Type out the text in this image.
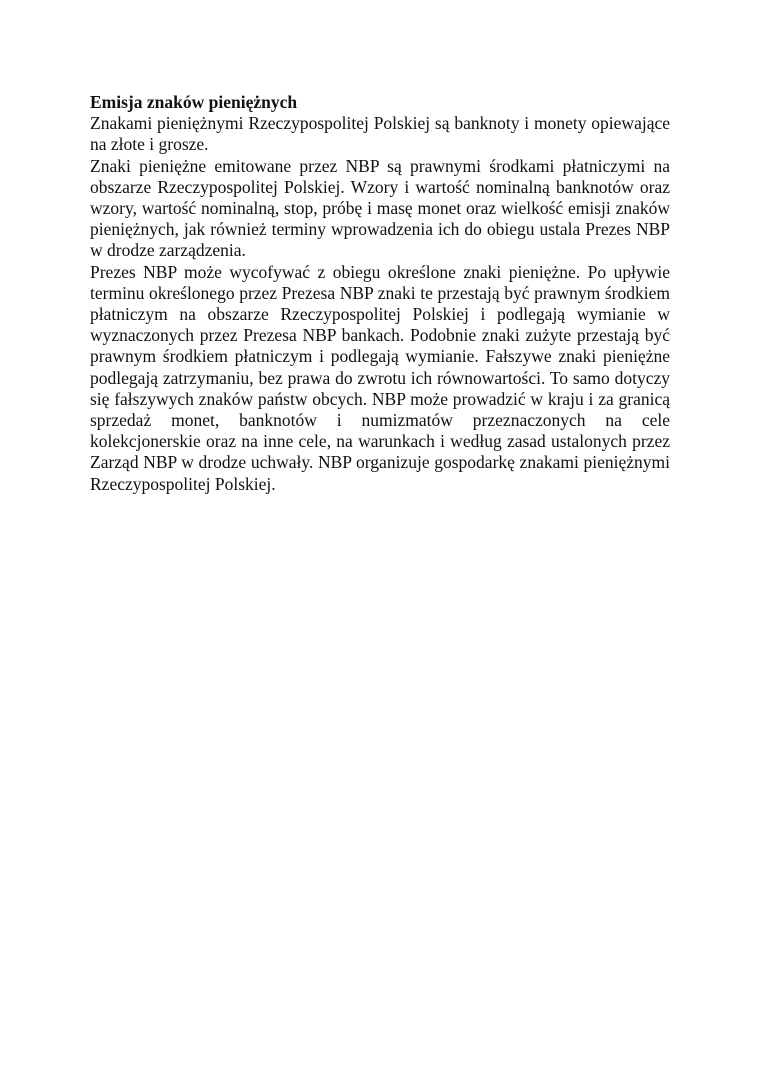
Emisja znaków pieniężnych

Znakami pieniężnymi Rzeczypospolitej Polskiej są banknoty i monety opiewające na złote i grosze.

Znaki pieniężne emitowane przez NBP są prawnymi środkami płatniczymi na obszarze Rzeczypospolitej Polskiej. Wzory i wartość nominalną banknotów oraz wzory, wartość nominalną, stop, próbę i masę monet oraz wielkość emisji znaków pieniężnych, jak również terminy wprowadzenia ich do obiegu ustala Prezes NBP w drodze zarządzenia.

Prezes NBP może wycofywać z obiegu określone znaki pieniężne. Po upływie terminu określonego przez Prezesa NBP znaki te przestają być prawnym środkiem płatniczym na obszarze Rzeczypospolitej Polskiej i podlegają wymianie w wyznaczonych przez Prezesa NBP bankach. Podobnie znaki zużyte przestają być prawnym środkiem płatniczym i podlegają wymianie. Fałszywe znaki pieniężne podlegają zatrzymaniu, bez prawa do zwrotu ich równowartości. To samo dotyczy się fałszywych znaków państw obcych. NBP może prowadzić w kraju i za granicą sprzedaż monet, banknotów i numizmatów przeznaczonych na cele kolekcjonerskie oraz na inne cele, na warunkach i według zasad ustalonych przez Zarząd NBP w drodze uchwały. NBP organizuje gospodarkę znakami pieniężnymi Rzeczypospolitej Polskiej.
